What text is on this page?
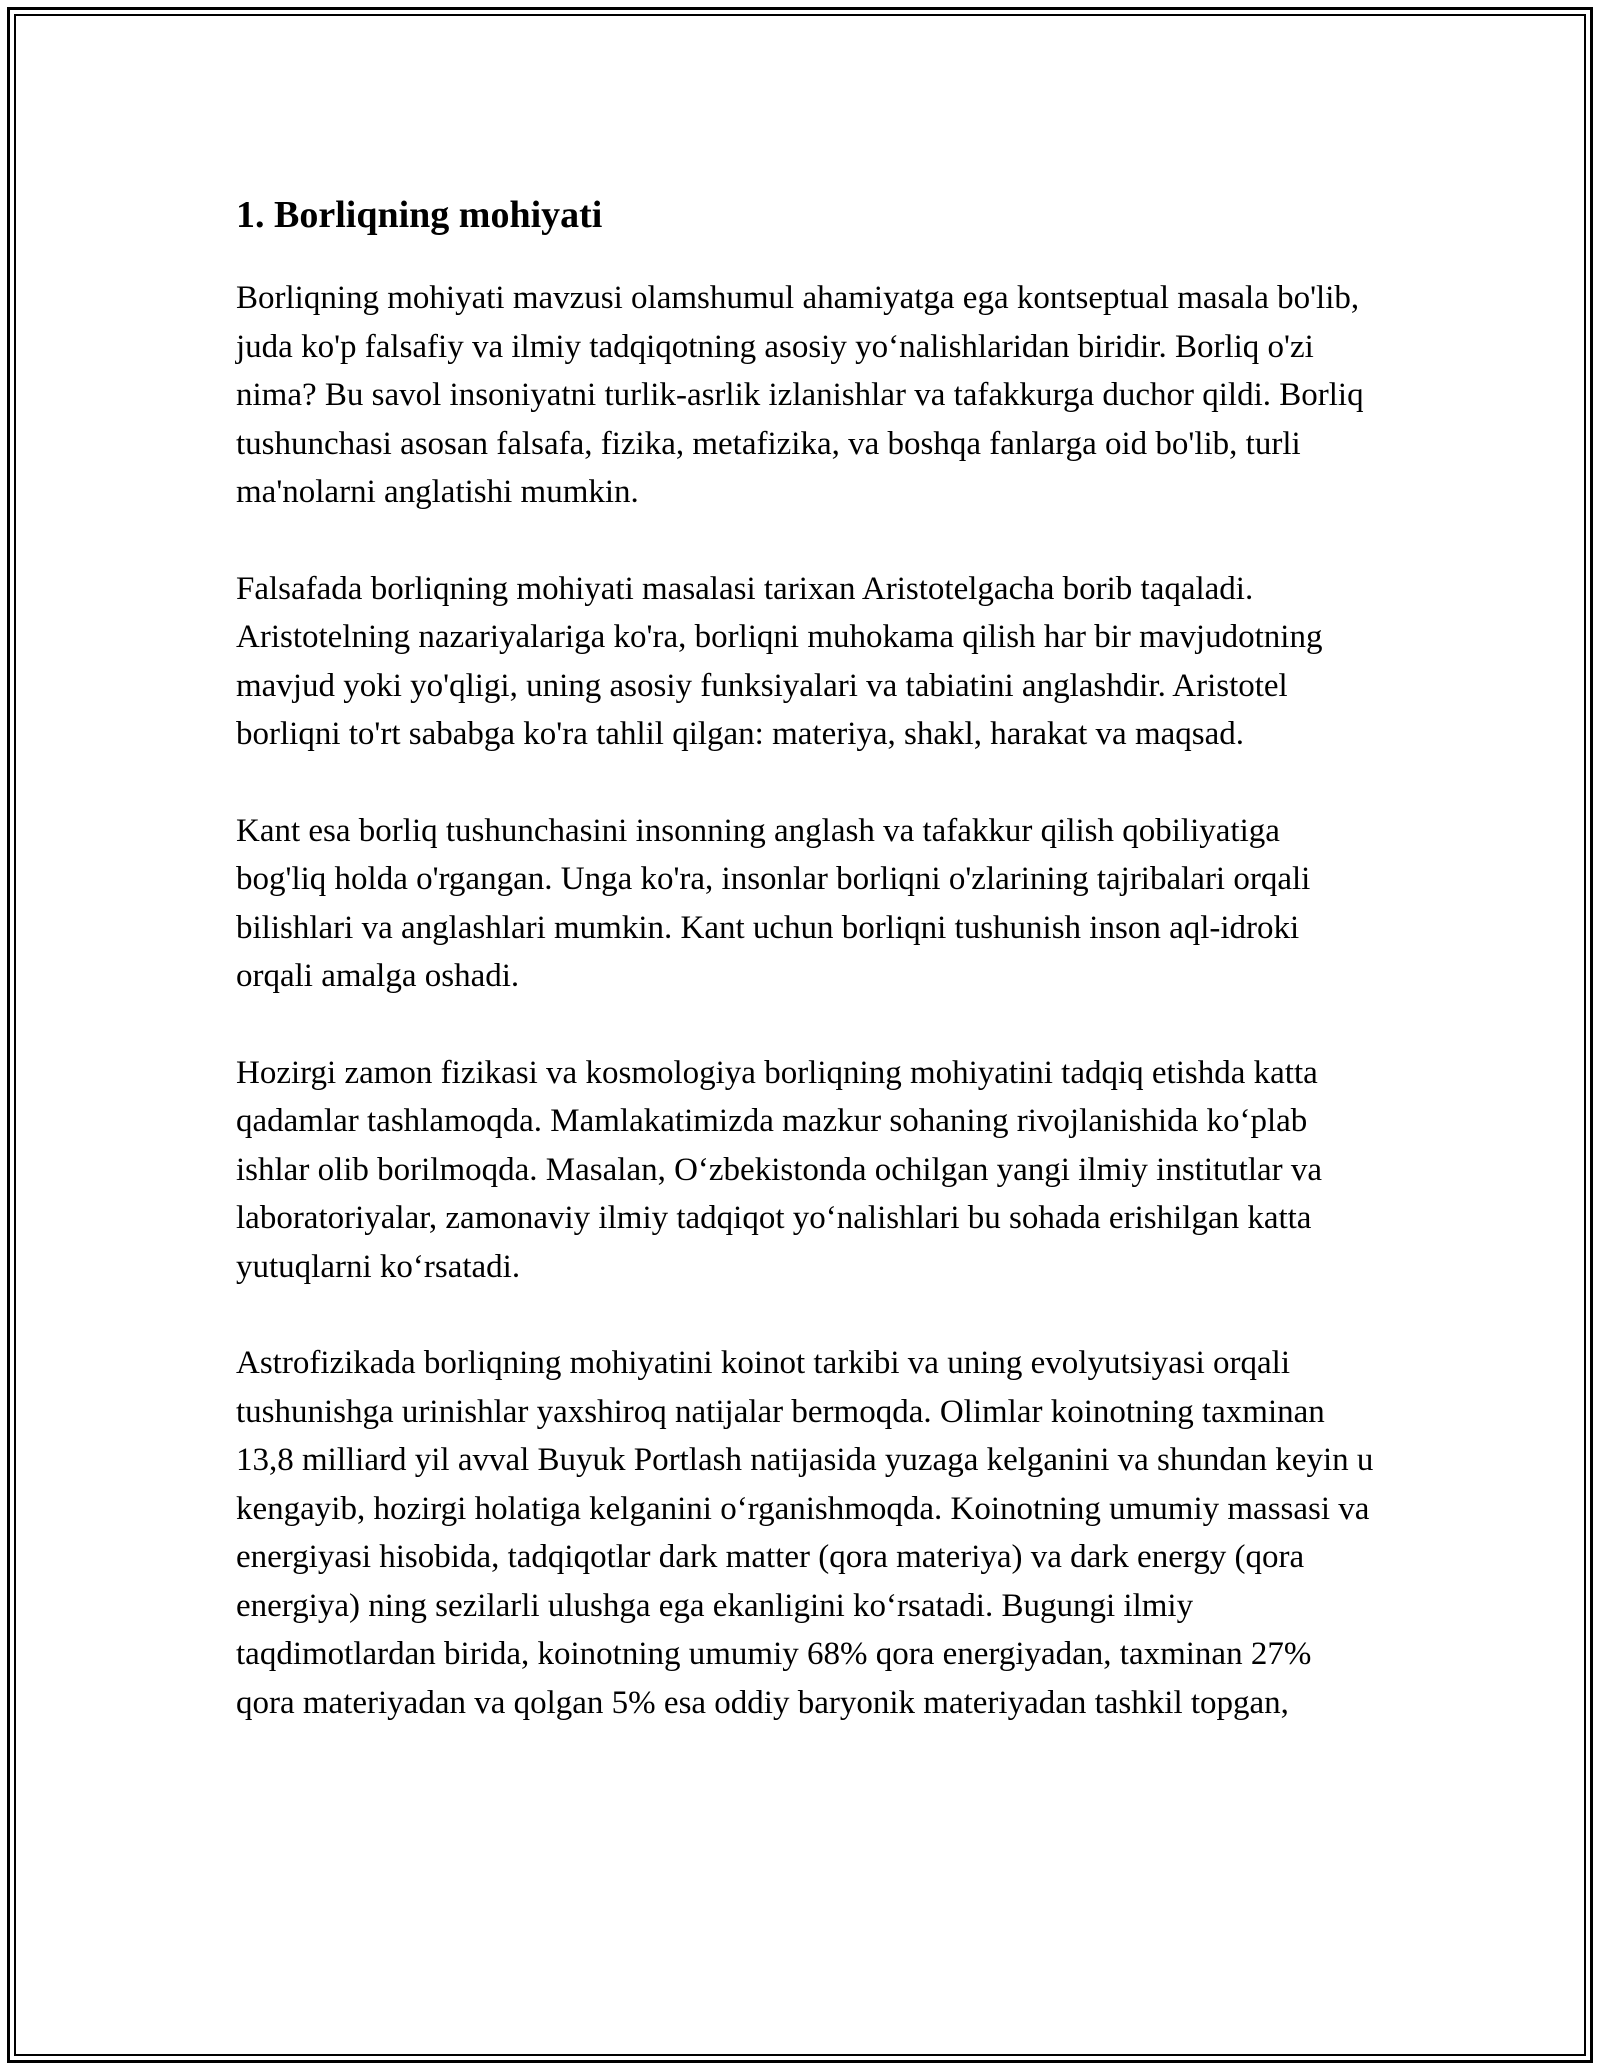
1. Borliqning mohiyati

Borliqning mohiyati mavzusi olamshumul ahamiyatga ega kontseptual masala bo'lib, juda ko'p falsafiy va ilmiy tadqiqotning asosiy yo‘nalishlaridan biridir. Borliq o'zi nima? Bu savol insoniyatni turlik-asrlik izlanishlar va tafakkurga duchor qildi. Borliq tushunchasi asosan falsafa, fizika, metafizika, va boshqa fanlarga oid bo'lib, turli ma'nolarni anglatishi mumkin.

Falsafada borliqning mohiyati masalasi tarixan Aristotelgacha borib taqaladi. Aristotelning nazariyalariga ko'ra, borliqni muhokama qilish har bir mavjudotning mavjud yoki yo'qligi, uning asosiy funksiyalari va tabiatini anglashdir. Aristotel borliqni to'rt sababga ko'ra tahlil qilgan: materiya, shakl, harakat va maqsad.

Kant esa borliq tushunchasini insonning anglash va tafakkur qilish qobiliyatiga bog'liq holda o'rgangan. Unga ko'ra, insonlar borliqni o'zlarining tajribalari orqali bilishlari va anglashlari mumkin. Kant uchun borliqni tushunish inson aql-idroki orqali amalga oshadi.

Hozirgi zamon fizikasi va kosmologiya borliqning mohiyatini tadqiq etishda katta qadamlar tashlamoqda. Mamlakatimizda mazkur sohaning rivojlanishida ko‘plab ishlar olib borilmoqda. Masalan, O‘zbekistonda ochilgan yangi ilmiy institutlar va laboratoriyalar, zamonaviy ilmiy tadqiqot yo‘nalishlari bu sohada erishilgan katta yutuqlarni ko‘rsatadi.

Astrofizikada borliqning mohiyatini koinot tarkibi va uning evolyutsiyasi orqali tushunishga urinishlar yaxshiroq natijalar bermoqda. Olimlar koinotning taxminan 13,8 milliard yil avval Buyuk Portlash natijasida yuzaga kelganini va shundan keyin u kengayib, hozirgi holatiga kelganini o‘rganishmoqda. Koinotning umumiy massasi va energiyasi hisobida, tadqiqotlar dark matter (qora materiya) va dark energy (qora energiya) ning sezilarli ulushga ega ekanligini ko‘rsatadi. Bugungi ilmiy taqdimotlardan birida, koinotning umumiy 68% qora energiyadan, taxminan 27% qora materiyadan va qolgan 5% esa oddiy baryonik materiyadan tashkil topgan,
